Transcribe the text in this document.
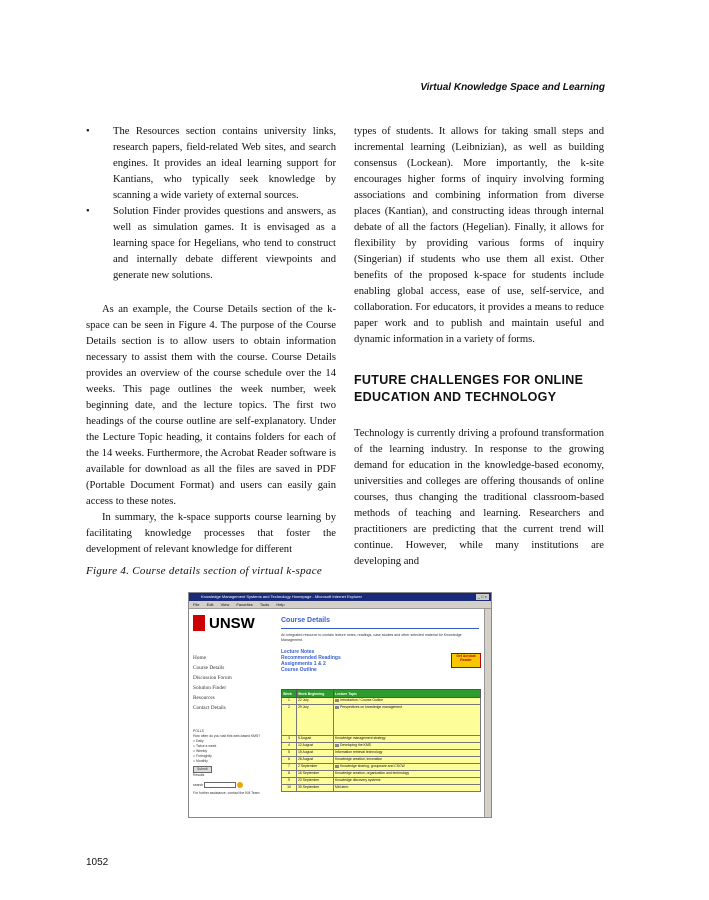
Virtual Knowledge Space and Learning
• The Resources section contains university links, research papers, field-related Web sites, and search engines. It provides an ideal learning support for Kantians, who typically seek knowledge by scanning a wide variety of external sources.
• Solution Finder provides questions and answers, as well as simulation games. It is envisaged as a learning space for Hegelians, who tend to construct and internally debate different viewpoints and generate new solutions.

As an example, the Course Details section of the k-space can be seen in Figure 4. The purpose of the Course Details section is to allow users to obtain information necessary to assist them with the course. Course Details provides an overview of the course schedule over the 14 weeks. This page outlines the week number, week beginning date, and the lecture topics. The first two headings of the course outline are self-explanatory. Under the Lecture Topic heading, it contains folders for each of the 14 weeks. Furthermore, the Acrobat Reader software is available for download as all the files are saved in PDF (Portable Document Format) and users can easily gain access to these notes.

In summary, the k-space supports course learning by facilitating knowledge processes that foster the development of relevant knowledge for different

types of students. It allows for taking small steps and incremental learning (Leibnizian), as well as building consensus (Lockean). More importantly, the k-site encourages higher forms of inquiry involving forming associations and combining information from diverse places (Kantian), and constructing ideas through internal debate of all the factors (Hegelian). Finally, it allows for flexibility by providing various forms of inquiry (Singerian) if students who use them all exist. Other benefits of the proposed k-space for students include enabling global access, ease of use, self-service, and collaboration. For educators, it provides a means to reduce paper work and to publish and maintain useful and dynamic information in a variety of forms.

FUTURE CHALLENGES FOR ONLINE EDUCATION AND TECHNOLOGY

Technology is currently driving a profound transformation of the learning industry. In response to the growing demand for education in the knowledge-based economy, universities and colleges are offering thousands of online courses, thus changing the traditional classroom-based methods of teaching and learning. Researchers and practitioners are predicting that the current trend will continue. However, while many institutions are developing and

Figure 4. Course details section of virtual k-space
Knowledge Management Systems and Technology Homepage - Microsoft Internet Explorer	_ □ ×
File Edit View Favorites Tools Help
UNSW
Home
Course Details
Discussion Forum
Solution Finder
Resources
Contact Details
POLLS
How often do you visit this web-based KMS?
□ Daily
□ Twice a week
□ Weekly
□ Fortnightly
□ Monthly
Submit
Results
search
For further assistance, contact the KM Team
Course Details
An integrated resource to contain lecture notes, readings, case studies and other selected material for Knowledge Management.
Lecture Notes
Recommended Readings
Assignments 1 & 2
Course Outline
Get Acrobat Reader
Week	Week Beginning	Lecture Topic
1	22 July	Introduction / Course Outline
2	29 July	Perspectives on knowledge management
3	5 August	Knowledge management strategy
4	12 August	Developing the KMS
5	19 August	Information retrieval technology
6	26 August	Knowledge creation, innovation
7	2 September	Knowledge sharing, groupware and CSCW
8	16 September	Knowledge creation, organization and technology
9	23 September	Knowledge discovery systems
10	30 September	Mid-term
1052
